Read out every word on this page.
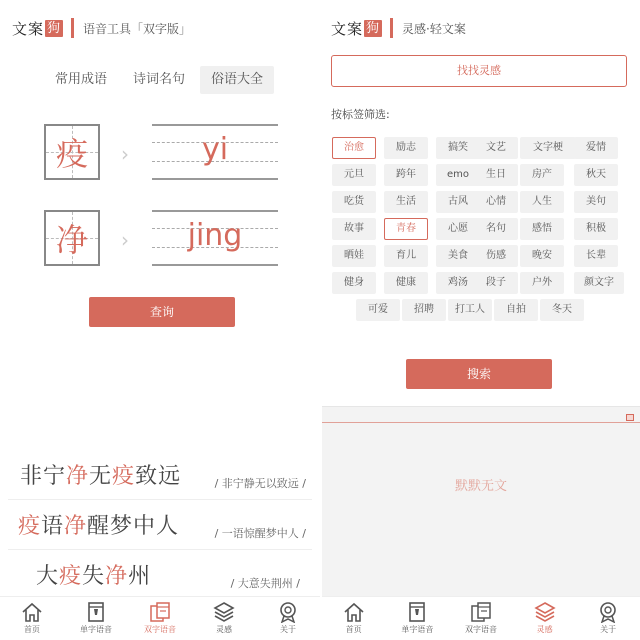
文案 狗 语音工具「双字版」
常用成语	诗词名句	俗语大全
疫	›	yi
净	›	jing
查询
非宁净无疫致远	/ 非宁静无以致远 /
疫语净醒梦中人	/ 一语惊醒梦中人 /
大疫失净州	/ 大意失荆州 /
首页	单字语音	双字语音	灵感	关于
文案 狗 灵感·轻文案
找找灵感
按标签筛选:
治愈	励志	搞笑	文艺	文字梗	爱情
元旦	跨年	emo	生日	房产	秋天
吃货	生活	古风	心情	人生	美句
故事	青春	心愿	名句	感悟	积极
晒娃	育儿	美食	伤感	晚安	长辈
健身	健康	鸡汤	段子	户外	颜文字
可爱	招聘	打工人	自拍	冬天
搜索
默默无文
首页	单字语音	双字语音	灵感	关于
